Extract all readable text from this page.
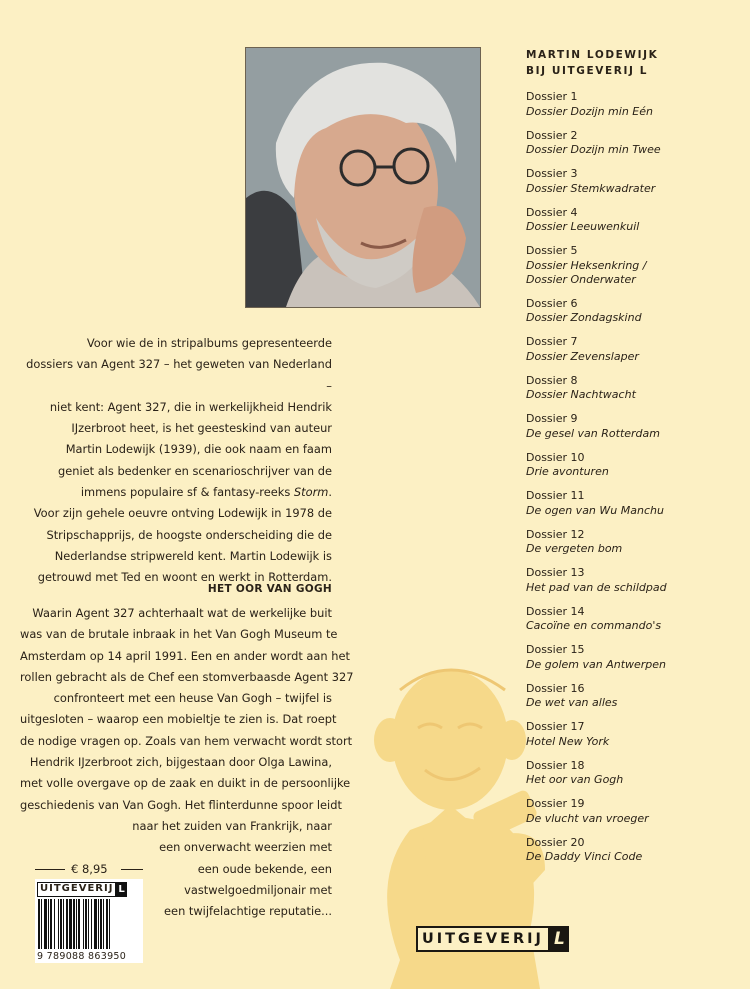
Voor wie de in stripalbums gepresenteerde
dossiers van Agent 327 – het geweten van Nederland –
niet kent: Agent 327, die in werkelijkheid Hendrik
IJzerbroot heet, is het geesteskind van auteur
Martin Lodewijk (1939), die ook naam en faam
geniet als bedenker en scenarioschrijver van de
immens populaire sf & fantasy-reeks Storm.
Voor zijn gehele oeuvre ontving Lodewijk in 1978 de
Stripschapprijs, de hoogste onderscheiding die de
Nederlandse stripwereld kent. Martin Lodewijk is
getrouwd met Ted en woont en werkt in Rotterdam.

HET OOR VAN GOGH
Waarin Agent 327 achterhaalt wat de werkelijke buit
was van de brutale inbraak in het Van Gogh Museum te
Amsterdam op 14 april 1991. Een en ander wordt aan het
rollen gebracht als de Chef een stomverbaasde Agent 327
confronteert met een heuse Van Gogh – twijfel is
uitgesloten – waarop een mobieltje te zien is. Dat roept
de nodige vragen op. Zoals van hem verwacht wordt stort
Hendrik IJzerbroot zich, bijgestaan door Olga Lawina,
met volle overgave op de zaak en duikt in de persoonlijke
geschiedenis van Van Gogh. Het flinterdunne spoor leidt
naar het zuiden van Frankrijk, naar
een onverwacht weerzien met
een oude bekende, een
vastwelgoedmiljonair met
een twijfelachtige reputatie...
MARTIN LODEWIJK
BIJ UITGEVERIJ L
Dossier 1
Dossier Dozijn min Eén
Dossier 2
Dossier Dozijn min Twee
Dossier 3
Dossier Stemkwadrater
Dossier 4
Dossier Leeuwenkuil
Dossier 5
Dossier Heksenkring /
Dossier Onderwater
Dossier 6
Dossier Zondagskind
Dossier 7
Dossier Zevenslaper
Dossier 8
Dossier Nachtwacht
Dossier 9
De gesel van Rotterdam
Dossier 10
Drie avonturen
Dossier 11
De ogen van Wu Manchu
Dossier 12
De vergeten bom
Dossier 13
Het pad van de schildpad
Dossier 14
Cacoïne en commando's
Dossier 15
De golem van Antwerpen
Dossier 16
De wet van alles
Dossier 17
Hotel New York
Dossier 18
Het oor van Gogh
Dossier 19
De vlucht van vroeger
Dossier 20
De Daddy Vinci Code
€ 8,95
UITGEVERIJ L
9 789088 863950
UITGEVERIJ L
